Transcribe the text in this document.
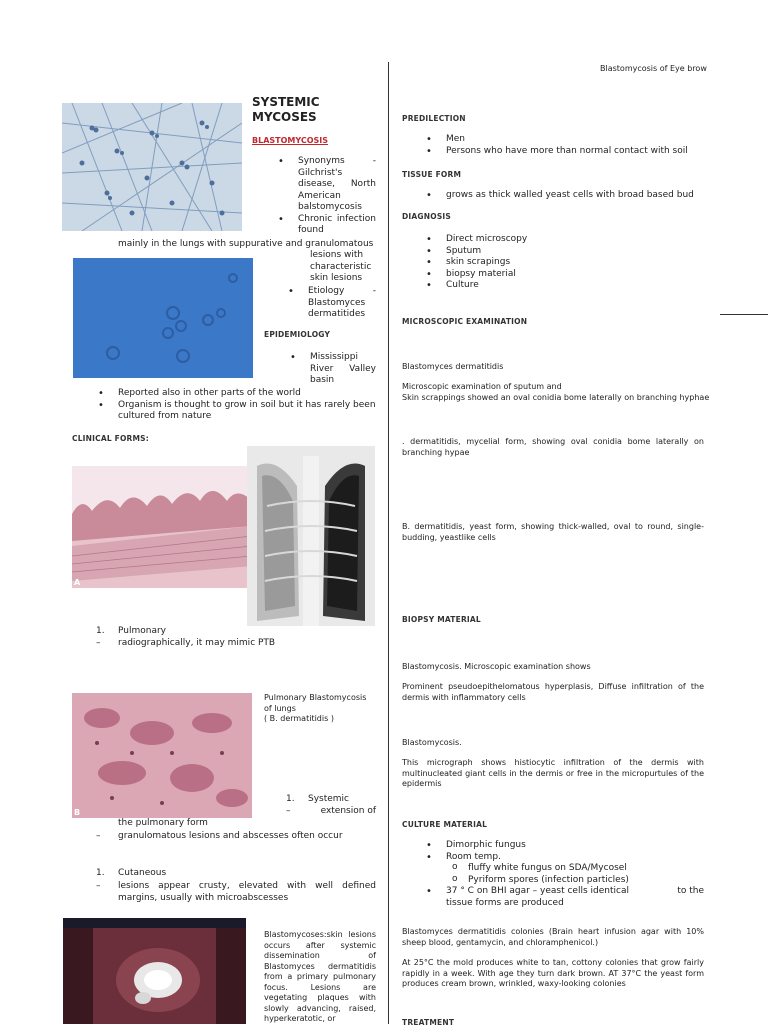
Blastomycosis of Eye brow
SYSTEMIC
MYCOSES
BLASTOMYCOSIS
• Synonyms - Gilchrist's disease, North American balstomycosis
• Chronic infection found
mainly in the lungs with suppurative and granulomatous
lesions with characteristic skin lesions
• Etiology - Blastomyces dermatitides
EPIDEMIOLOGY
• Mississippi River Valley basin
• Reported also in other parts of the world
• Organism is thought to grow in soil but it has rarely been cultured from nature
CLINICAL FORMS:
A
1. Pulmonary
– radiographically, it may mimic PTB
B
Pulmonary Blastomycosis of lungs
( B. dermatitidis )
1. Systemic
–	extension of
the pulmonary form
– granulomatous lesions and abscesses often occur
1. Cutaneous
–	lesions appear crusty, elevated with well defined margins, usually with microabscesses
Blastomycoses:skin lesions occurs after systemic dissemination of Blastomyces dermatitidis from a primary pulmonary focus. Lesions are vegetating plaques with slowly advancing, raised, hyperkeratotic, or
PREDILECTION
• Men
• Persons who have more than normal contact with soil
TISSUE FORM
• grows as thick walled yeast cells with broad based bud
DIAGNOSIS
• Direct microscopy
• Sputum
• skin scrapings
• biopsy material
• Culture
MICROSCOPIC EXAMINATION
Blastomyces dermatitidis
Microscopic examination of sputum and
Skin scrappings showed an oval conidia bome laterally on branching hyphae
. dermatitidis, mycelial form, showing oval conidia bome laterally on branching hypae
B. dermatitidis, yeast form, showing thick-walled, oval to round, single-budding, yeastlike cells
BIOPSY MATERIAL
Blastomycosis. Microscopic examination shows
Prominent pseudoepithelomatous hyperplasis, Diffuse infiltration of the dermis with inflammatory cells
Blastomycosis.
This micrograph shows histiocytic infiltration of the dermis with multinucleated giant cells in the dermis or free in the micropurtules of the epidermis
CULTURE MATERIAL
• Dimorphic fungus
• Room temp.
o fluffy white fungus on SDA/Mycosel
o Pyriform spores (infection particles)
• 37 ° C on BHI agar – yeast cells identical	to the
tissue forms are produced
Blastomyces dermatitidis colonies (Brain heart infusion agar with 10% sheep blood, gentamycin, and chloramphenicol.)
At 25°C the mold produces white to tan, cottony colonies that grow fairly rapidly in a week. With age they turn dark brown. AT 37°C the yeast form produces cream brown, wrinkled, waxy-looking colonies
TREATMENT
